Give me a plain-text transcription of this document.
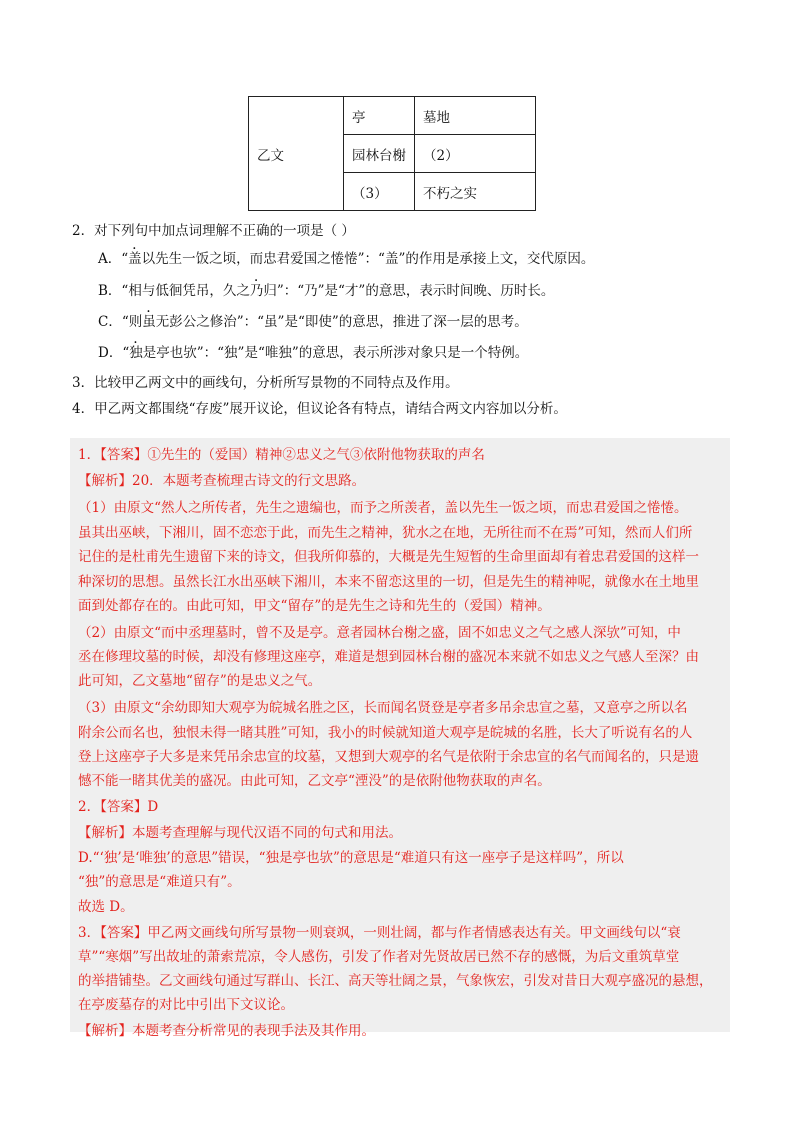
乙文	亭	墓地
	园林台榭	（2）
	（3）	不朽之实
2．对下列句中加点词理解不正确的一项是（ ）
A．“盖以先生一饭之顷，而忠君爱国之惓惓”：“盖”的作用是承接上文，交代原因。
B．“相与低徊凭吊，久之乃归”：“乃”是“才”的意思，表示时间晚、历时长。
C．“则虽无彭公之修治”：“虽”是“即使”的意思，推进了深一层的思考。
D．“独是亭也欤”：“独”是“唯独”的意思，表示所涉对象只是一个特例。
3．比较甲乙两文中的画线句，分析所写景物的不同特点及作用。
4．甲乙两文都围绕“存废”展开议论，但议论各有特点，请结合两文内容加以分析。
1．【答案】①先生的（爱国）精神②忠义之气③依附他物获取的声名
【解析】20．本题考查梳理古诗文的行文思路。
（1）由原文“然人之所传者，先生之遗编也，而予之所羡者，盖以先生一饭之顷，而忠君爱国之惓惓。
虽其出巫峡，下湘川，固不恋恋于此，而先生之精神，犹水之在地，无所往而不在焉”可知，然而人们所
记住的是杜甫先生遗留下来的诗文，但我所仰慕的，大概是先生短暂的生命里面却有着忠君爱国的这样一
种深切的思想。虽然长江水出巫峡下湘川，本来不留恋这里的一切，但是先生的精神呢，就像水在土地里
面到处都存在的。由此可知，甲文“留存”的是先生之诗和先生的（爱国）精神。
（2）由原文“而中丞理墓时，曾不及是亭。意者园林台榭之盛，固不如忠义之气之感人深欤”可知，中
丞在修理坟墓的时候，却没有修理这座亭，难道是想到园林台榭的盛况本来就不如忠义之气感人至深？由
此可知，乙文墓地“留存”的是忠义之气。
（3）由原文“余幼即知大观亭为皖城名胜之区，长而闻名贤登是亭者多吊余忠宣之墓，又意亭之所以名
附余公而名也，独恨未得一睹其胜”可知，我小的时候就知道大观亭是皖城的名胜，长大了听说有名的人
登上这座亭子大多是来凭吊余忠宣的坟墓，又想到大观亭的名气是依附于余忠宣的名气而闻名的，只是遗
憾不能一睹其优美的盛况。由此可知，乙文亭“湮没”的是依附他物获取的声名。
2．【答案】D
【解析】本题考查理解与现代汉语不同的句式和用法。
D.“‘独’是‘唯独’的意思”错误，“独是亭也欤”的意思是“难道只有这一座亭子是这样吗”，所以
“独”的意思是“难道只有”。
故选 D。
3．【答案】甲乙两文画线句所写景物一则衰飒，一则壮阔，都与作者情感表达有关。甲文画线句以“衰
草”“寒烟”写出故址的萧索荒凉，令人感伤，引发了作者对先贤故居已然不存的感慨，为后文重筑草堂
的举措铺垫。乙文画线句通过写群山、长江、高天等壮阔之景，气象恢宏，引发对昔日大观亭盛况的悬想，
在亭废墓存的对比中引出下文议论。
【解析】本题考查分析常见的表现手法及其作用。
